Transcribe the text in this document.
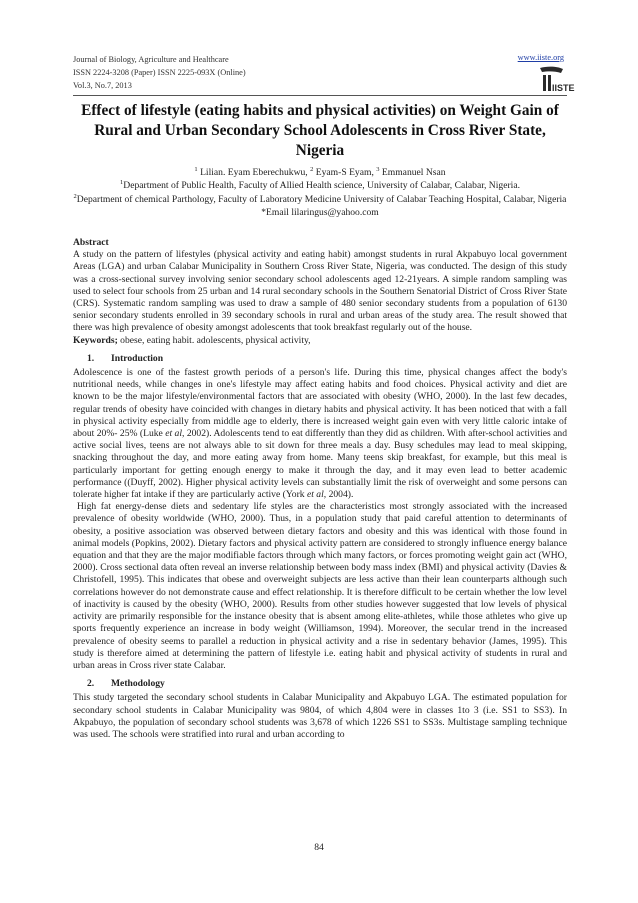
Journal of Biology, Agriculture and Healthcare
ISSN 2224-3208 (Paper) ISSN 2225-093X (Online)
Vol.3, No.7, 2013
www.iiste.org
IISTE
Effect of lifestyle (eating habits and physical activities) on Weight Gain of Rural and Urban Secondary School Adolescents in Cross River State, Nigeria
$^1$ Lilian. Eyam Eberechukwu, $^2$ Eyam-S Eyam, $^3$ Emmanuel Nsan
$^1$Department of Public Health, Faculty of Allied Health science, University of Calabar, Calabar, Nigeria.
$^2$Department of chemical Parthology, Faculty of Laboratory Medicine University of Calabar Teaching Hospital, Calabar, Nigeria
*Email lilaringus@yahoo.com

Abstract

A study on the pattern of lifestyles (physical activity and eating habit) amongst students in rural Akpabuyo local government Areas (LGA) and urban Calabar Municipality in Southern Cross River State, Nigeria, was conducted. The design of this study was a cross-sectional survey involving senior secondary school adolescents aged 12-21years. A simple random sampling was used to select four schools from 25 urban and 14 rural secondary schools in the Southern Senatorial District of Cross River State (CRS). Systematic random sampling was used to draw a sample of 480 senior secondary students from a population of 6130 senior secondary students enrolled in 39 secondary schools in rural and urban areas of the study area. The result showed that there was high prevalence of obesity amongst adolescents that took breakfast regularly out of the house.

Keywords; obese, eating habit. adolescents, physical activity,

1. Introduction

Adolescence is one of the fastest growth periods of a person's life. During this time, physical changes affect the body's nutritional needs, while changes in one's lifestyle may affect eating habits and food choices. Physical activity and diet are known to be the major lifestyle/environmental factors that are associated with obesity (WHO, 2000). In the last few decades, regular trends of obesity have coincided with changes in dietary habits and physical activity. It has been noticed that with a fall in physical activity especially from middle age to elderly, there is increased weight gain even with very little caloric intake of about 20%- 25% (Luke et al, 2002). Adolescents tend to eat differently than they did as children. With after-school activities and active social lives, teens are not always able to sit down for three meals a day. Busy schedules may lead to meal skipping, snacking throughout the day, and more eating away from home. Many teens skip breakfast, for example, but this meal is particularly important for getting enough energy to make it through the day, and it may even lead to better academic performance ((Duyff, 2002). Higher physical activity levels can substantially limit the risk of overweight and some persons can tolerate higher fat intake if they are particularly active (York et al, 2004).

High fat energy-dense diets and sedentary life styles are the characteristics most strongly associated with the increased prevalence of obesity worldwide (WHO, 2000). Thus, in a population study that paid careful attention to determinants of obesity, a positive association was observed between dietary factors and obesity and this was identical with those found in animal models (Popkins, 2002). Dietary factors and physical activity pattern are considered to strongly influence energy balance equation and that they are the major modifiable factors through which many factors, or forces promoting weight gain act (WHO, 2000). Cross sectional data often reveal an inverse relationship between body mass index (BMI) and physical activity (Davies & Christofell, 1995). This indicates that obese and overweight subjects are less active than their lean counterparts although such correlations however do not demonstrate cause and effect relationship. It is therefore difficult to be certain whether the low level of inactivity is caused by the obesity (WHO, 2000). Results from other studies however suggested that low levels of physical activity are primarily responsible for the instance obesity that is absent among elite-athletes, while those athletes who give up sports frequently experience an increase in body weight (Williamson, 1994). Moreover, the secular trend in the increased prevalence of obesity seems to parallel a reduction in physical activity and a rise in sedentary behavior (James, 1995). This study is therefore aimed at determining the pattern of lifestyle i.e. eating habit and physical activity of students in rural and urban areas in Cross river state Calabar.

2. Methodology

This study targeted the secondary school students in Calabar Municipality and Akpabuyo LGA. The estimated population for secondary school students in Calabar Municipality was 9804, of which 4,804 were in classes 1to 3 (i.e. SS1 to SS3). In Akpabuyo, the population of secondary school students was 3,678 of which 1226 SS1 to SS3s. Multistage sampling technique was used. The schools were stratified into rural and urban according to

84
